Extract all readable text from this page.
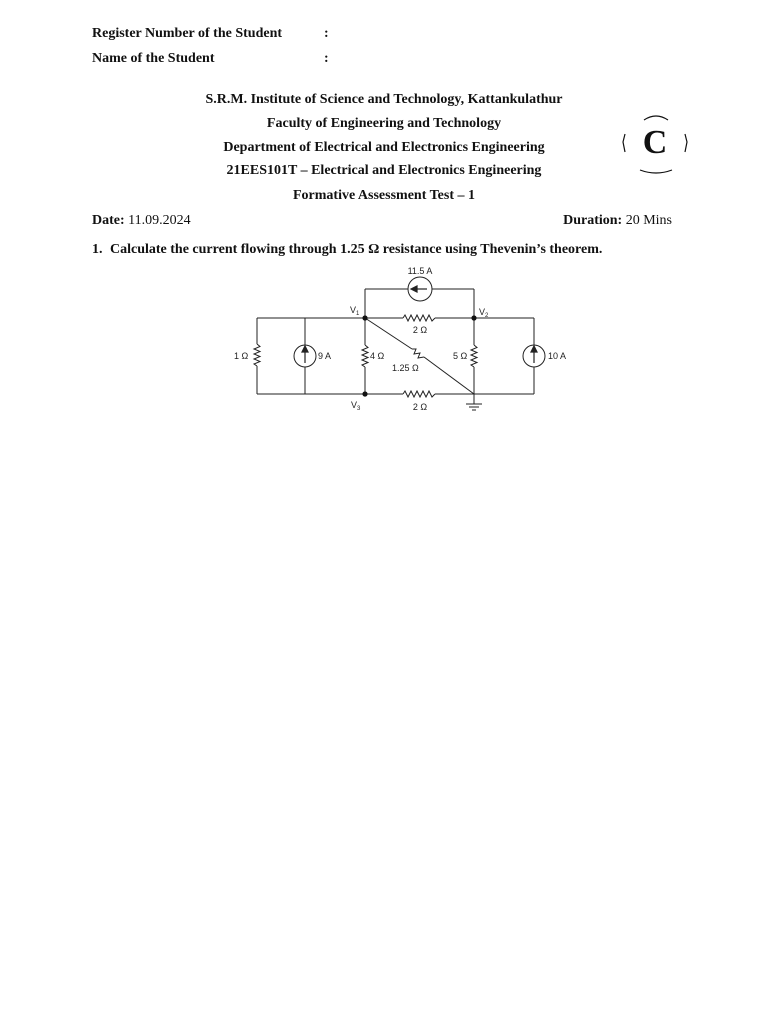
Register Number of the Student	:
Name of the Student	:
S.R.M. Institute of Science and Technology, Kattankulathur
Faculty of Engineering and Technology
Department of Electrical and Electronics Engineering
21EES101T – Electrical and Electronics Engineering
Formative Assessment Test – 1
C
Date: 11.09.2024	Duration: 20 Mins
1. Calculate the current flowing through 1.25 Ω resistance using Thevenin’s theorem.
11.5 A
$V_1$	$V_2$
$V_3$
2 Ω
1 Ω	9 A	4 Ω
1.25 Ω
5 Ω	10 A
2 Ω
